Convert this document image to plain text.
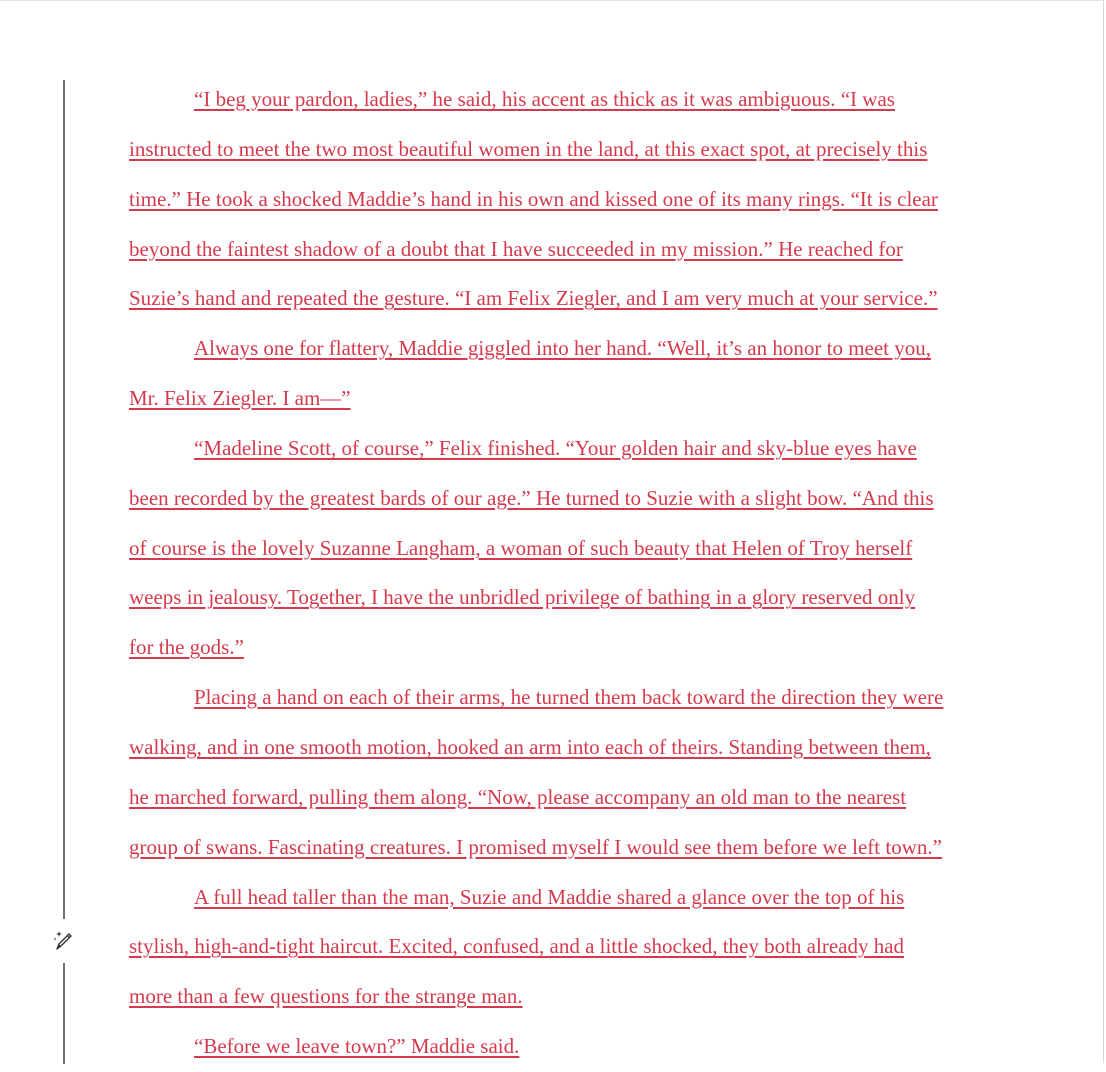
“I beg your pardon, ladies,” he said, his accent as thick as it was ambiguous. “I was
instructed to meet the two most beautiful women in the land, at this exact spot, at precisely this
time.” He took a shocked Maddie’s hand in his own and kissed one of its many rings. “It is clear
beyond the faintest shadow of a doubt that I have succeeded in my mission.” He reached for
Suzie’s hand and repeated the gesture. “I am Felix Ziegler, and I am very much at your service.”

Always one for flattery, Maddie giggled into her hand. “Well, it’s an honor to meet you,
Mr. Felix Ziegler. I am—”

“Madeline Scott, of course,” Felix finished. “Your golden hair and sky-blue eyes have
been recorded by the greatest bards of our age.” He turned to Suzie with a slight bow. “And this
of course is the lovely Suzanne Langham, a woman of such beauty that Helen of Troy herself
weeps in jealousy. Together, I have the unbridled privilege of bathing in a glory reserved only
for the gods.”

Placing a hand on each of their arms, he turned them back toward the direction they were
walking, and in one smooth motion, hooked an arm into each of theirs. Standing between them,
he marched forward, pulling them along. “Now, please accompany an old man to the nearest
group of swans. Fascinating creatures. I promised myself I would see them before we left town.”

A full head taller than the man, Suzie and Maddie shared a glance over the top of his
stylish, high-and-tight haircut. Excited, confused, and a little shocked, they both already had
more than a few questions for the strange man.

“Before we leave town?” Maddie said.
